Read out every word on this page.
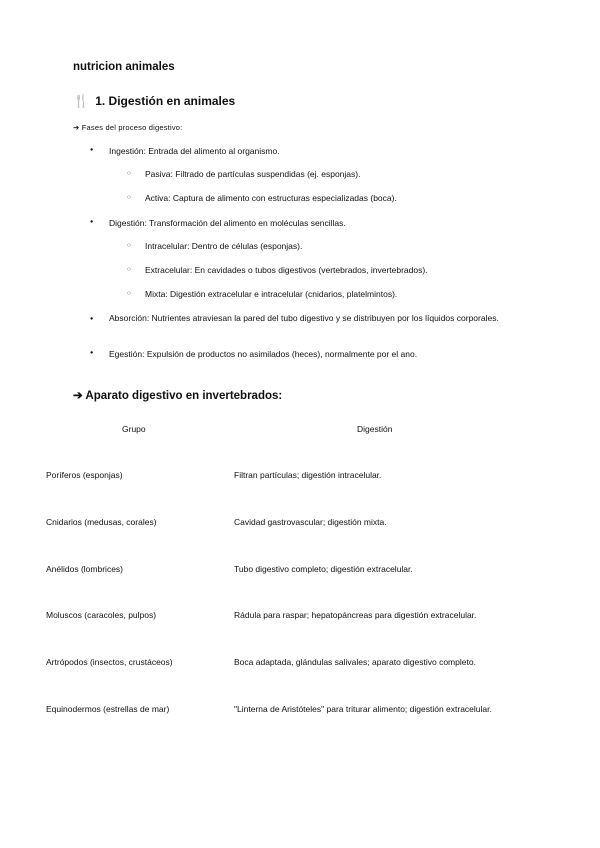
nutricion animales
🍴 1. Digestión en animales
➔ Fases del proceso digestivo:
● Ingestión: Entrada del alimento al organismo.
○ Pasiva: Filtrado de partículas suspendidas (ej. esponjas).
○ Activa: Captura de alimento con estructuras especializadas (boca).
● Digestión: Transformación del alimento en moléculas sencillas.
○ Intracelular: Dentro de células (esponjas).
○ Extracelular: En cavidades o tubos digestivos (vertebrados, invertebrados).
○ Mixta: Digestión extracelular e intracelular (cnidarios, platelmintos).
● Absorción: Nutrientes atraviesan la pared del tubo digestivo y se distribuyen por los líquidos corporales.
● Egestión: Expulsión de productos no asimilados (heces), normalmente por el ano.
➔ Aparato digestivo en invertebrados:
Grupo	Digestión
Poríferos (esponjas)	Filtran partículas; digestión intracelular.
Cnidarios (medusas, corales)	Cavidad gastrovascular; digestión mixta.
Anélidos (lombrices)	Tubo digestivo completo; digestión extracelular.
Moluscos (caracoles, pulpos)	Rádula para raspar; hepatopáncreas para digestión extracelular.
Artrópodos (insectos, crustáceos)	Boca adaptada, glándulas salivales; aparato digestivo completo.
Equinodermos (estrellas de mar)	"Linterna de Aristóteles" para triturar alimento; digestión extracelular.
